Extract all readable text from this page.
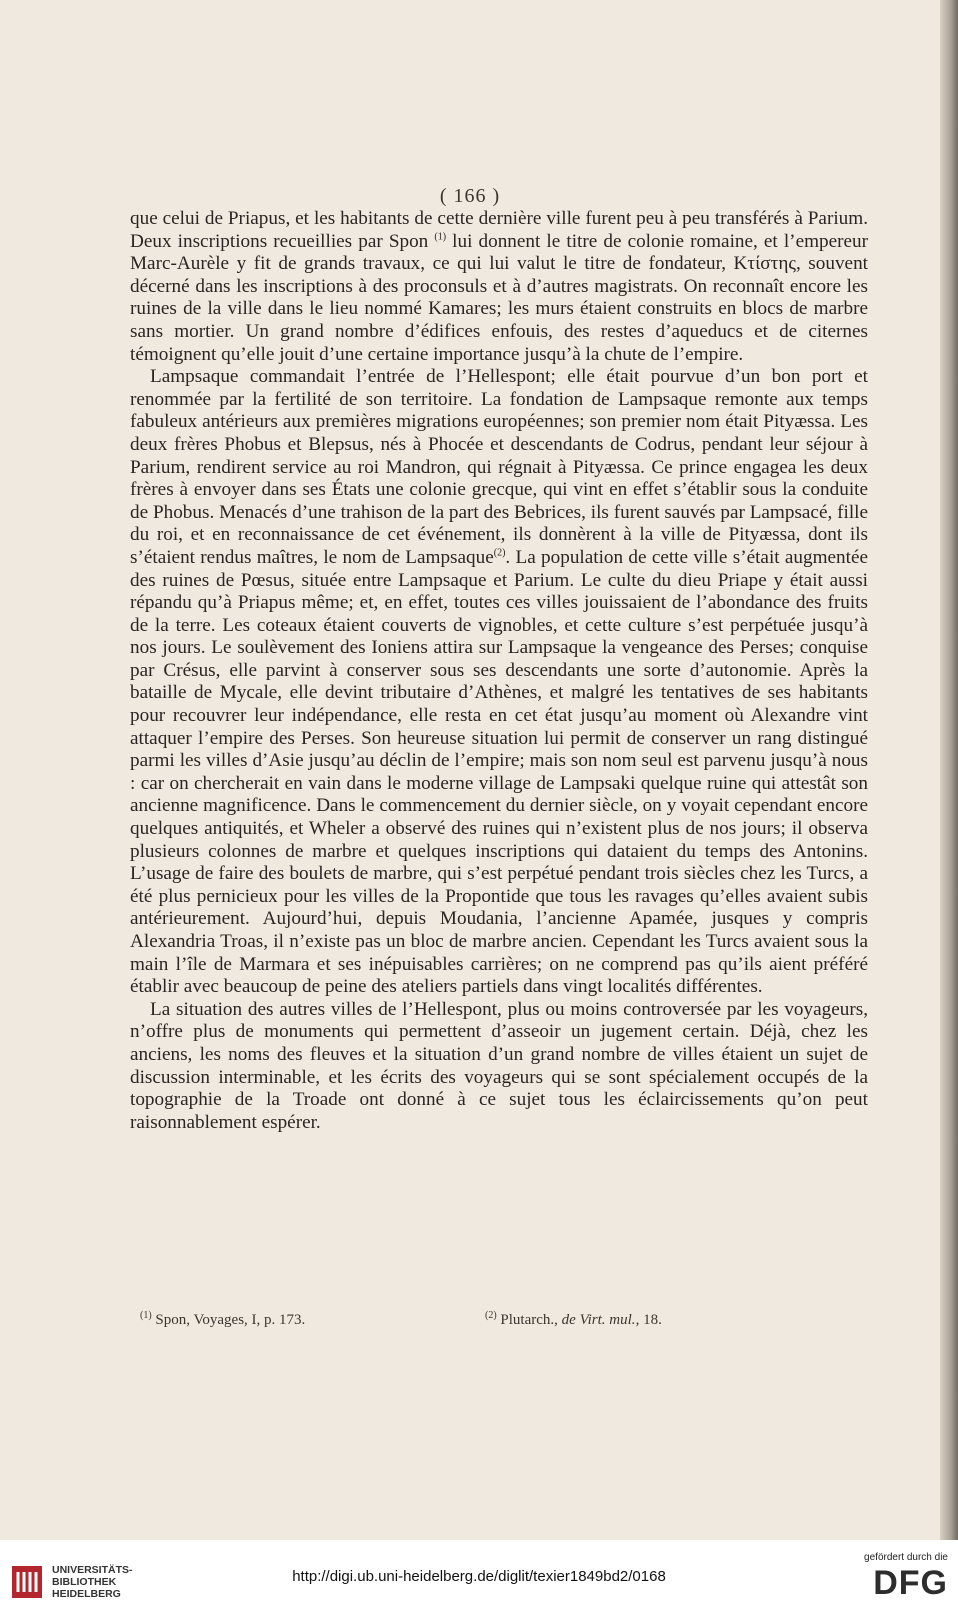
( 166 )

que celui de Priapus, et les habitants de cette dernière ville furent peu à peu transférés à Parium. Deux inscriptions recueillies par Spon $^{(1)}$ lui donnent le titre de colonie romaine, et l’empereur Marc-Aurèle y fit de grands travaux, ce qui lui valut le titre de fondateur, Κτίστης, souvent décerné dans les inscriptions à des proconsuls et à d’autres magistrats. On reconnaît encore les ruines de la ville dans le lieu nommé Kamares; les murs étaient construits en blocs de marbre sans mortier. Un grand nombre d’édifices enfouis, des restes d’aqueducs et de citernes témoignent qu’elle jouit d’une certaine importance jusqu’à la chute de l’empire.

Lampsaque commandait l’entrée de l’Hellespont; elle était pourvue d’un bon port et renommée par la fertilité de son territoire. La fondation de Lampsaque remonte aux temps fabuleux antérieurs aux premières migrations européennes; son premier nom était Pityæssa. Les deux frères Phobus et Blepsus, nés à Phocée et descendants de Codrus, pendant leur séjour à Parium, rendirent service au roi Mandron, qui régnait à Pityæssa. Ce prince engagea les deux frères à envoyer dans ses États une colonie grecque, qui vint en effet s’établir sous la conduite de Phobus. Menacés d’une trahison de la part des Bebrices, ils furent sauvés par Lampsacé, fille du roi, et en reconnaissance de cet événement, ils donnèrent à la ville de Pityæssa, dont ils s’étaient rendus maîtres, le nom de Lampsaque$^{(2)}$. La population de cette ville s’était augmentée des ruines de Pœsus, située entre Lampsaque et Parium. Le culte du dieu Priape y était aussi répandu qu’à Priapus même; et, en effet, toutes ces villes jouissaient de l’abondance des fruits de la terre. Les coteaux étaient couverts de vignobles, et cette culture s’est perpétuée jusqu’à nos jours. Le soulèvement des Ioniens attira sur Lampsaque la vengeance des Perses; conquise par Crésus, elle parvint à conserver sous ses descendants une sorte d’autonomie. Après la bataille de Mycale, elle devint tributaire d’Athènes, et malgré les tentatives de ses habitants pour recouvrer leur indépendance, elle resta en cet état jusqu’au moment où Alexandre vint attaquer l’empire des Perses. Son heureuse situation lui permit de conserver un rang distingué parmi les villes d’Asie jusqu’au déclin de l’empire; mais son nom seul est parvenu jusqu’à nous : car on chercherait en vain dans le moderne village de Lampsaki quelque ruine qui attestât son ancienne magnificence. Dans le commencement du dernier siècle, on y voyait cependant encore quelques antiquités, et Wheler a observé des ruines qui n’existent plus de nos jours; il observa plusieurs colonnes de marbre et quelques inscriptions qui dataient du temps des Antonins. L’usage de faire des boulets de marbre, qui s’est perpétué pendant trois siècles chez les Turcs, a été plus pernicieux pour les villes de la Propontide que tous les ravages qu’elles avaient subis antérieurement. Aujourd’hui, depuis Moudania, l’ancienne Apamée, jusques y compris Alexandria Troas, il n’existe pas un bloc de marbre ancien. Cependant les Turcs avaient sous la main l’île de Marmara et ses inépuisables carrières; on ne comprend pas qu’ils aient préféré établir avec beaucoup de peine des ateliers partiels dans vingt localités différentes.

La situation des autres villes de l’Hellespont, plus ou moins controversée par les voyageurs, n’offre plus de monuments qui permettent d’asseoir un jugement certain. Déjà, chez les anciens, les noms des fleuves et la situation d’un grand nombre de villes étaient un sujet de discussion interminable, et les écrits des voyageurs qui se sont spécialement occupés de la topographie de la Troade ont donné à ce sujet tous les éclaircissements qu’on peut raisonnablement espérer.

$^{(1)}$ Spon, Voyages, I, p. 173.	$^{(2)}$ Plutarch., de Virt. mul., 18.
UNIVERSITÄTS-
BIBLIOTHEK
HEIDELBERG
http://digi.ub.uni-heidelberg.de/diglit/texier1849bd2/0168
gefördert durch die
DFG
